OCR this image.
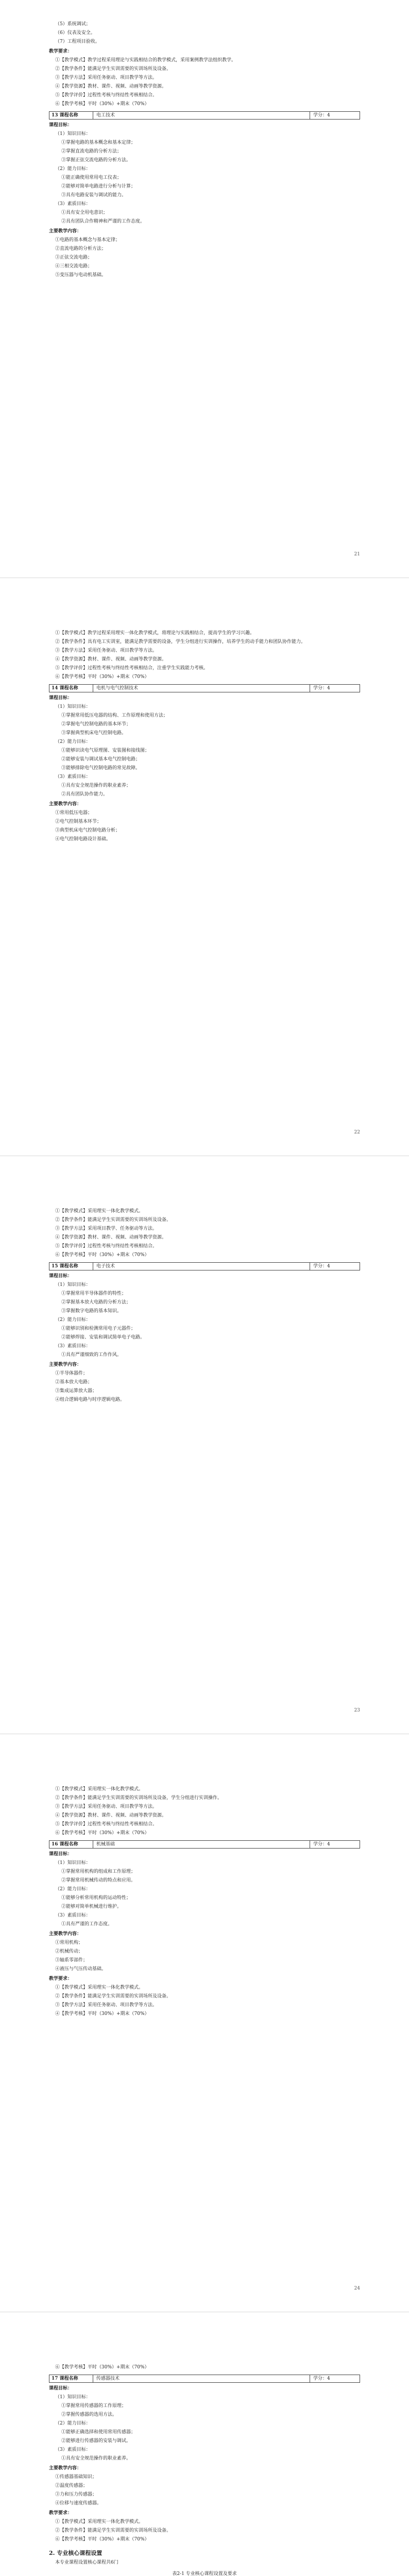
（5）系统调试；
（6）仪表及安全。
（7）工程项目验收。
教学要求：
①【教学模式】教学过程采用理论与实践相结合的教学模式，采用案例教学法组织教学。
②【教学条件】能满足学生实训需要的实训场所及设备。
③【教学方法】采用任务驱动、项目教学等方法。
④【教学资源】教材、课件、视频、动画等教学资源。
⑤【教学评价】过程性考核与终结性考核相结合。
⑥【教学考核】平时（30%）+期末（70%）
13 课程名称	电工技术	学分：4
课程目标：
（1）知识目标：
①掌握电路的基本概念和基本定律；
②掌握直流电路的分析方法；
③掌握正弦交流电路的分析方法。
（2）能力目标：
①能正确使用常用电工仪表；
②能够对简单电路进行分析与计算；
③具有电路安装与调试的能力。
（3）素质目标：
①具有安全用电意识；
②具有团队合作精神和严谨的工作态度。
主要教学内容：
①电路的基本概念与基本定律；
②直流电路的分析方法；
③正弦交流电路；
④三相交流电路；
⑤变压器与电动机基础。
21
①【教学模式】教学过程采用理实一体化教学模式，将理论与实践相结合，提高学生的学习兴趣。
②【教学条件】具有电工实训室，能满足教学需要的设备，学生分组进行实训操作，培养学生的动手能力和团队协作能力。
③【教学方法】采用任务驱动、项目教学等方法。
④【教学资源】教材、课件、视频、动画等教学资源。
⑤【教学评价】过程性考核与终结性考核相结合，注重学生实践能力考核。
⑥【教学考核】平时（30%）+期末（70%）
14 课程名称	电机与电气控制技术	学分：4
课程目标：
（1）知识目标：
①掌握常用低压电器的结构、工作原理和使用方法；
②掌握电气控制电路的基本环节；
③掌握典型机床电气控制电路。
（2）能力目标：
①能够识读电气原理图、安装图和接线图；
②能够安装与调试基本电气控制电路；
③能够排除电气控制电路的常见故障。
（3）素质目标：
①具有安全规范操作的职业素养；
②具有团队协作能力。
主要教学内容：
①常用低压电器；
②电气控制基本环节；
③典型机床电气控制电路分析；
④电气控制电路设计基础。
22
①【教学模式】采用理实一体化教学模式。
②【教学条件】能满足学生实训需要的实训场所及设备。
③【教学方法】采用项目教学、任务驱动等方法。
④【教学资源】教材、课件、视频、动画等教学资源。
⑤【教学评价】过程性考核与终结性考核相结合。
⑥【教学考核】平时（30%）+期末（70%）
15 课程名称	电子技术	学分：4
课程目标：
（1）知识目标：
①掌握常用半导体器件的特性；
②掌握基本放大电路的分析方法；
③掌握数字电路的基本知识。
（2）能力目标：
①能够识别和检测常用电子元器件；
②能够焊接、安装和调试简单电子电路。
（3）素质目标：
①具有严谨细致的工作作风。
主要教学内容：
①半导体器件；
②基本放大电路；
③集成运算放大器；
④组合逻辑电路与时序逻辑电路。
23
①【教学模式】采用理实一体化教学模式。
②【教学条件】能满足学生实训需要的实训场所及设备，学生分组进行实训操作。
③【教学方法】采用任务驱动、项目教学等方法。
④【教学资源】教材、课件、视频、动画等教学资源。
⑤【教学评价】过程性考核与终结性考核相结合。
⑥【教学考核】平时（30%）+期末（70%）
16 课程名称	机械基础	学分：4
课程目标：
（1）知识目标：
①掌握常用机构的组成和工作原理；
②掌握常用机械传动的特点和应用。
（2）能力目标：
①能够分析常用机构的运动特性；
②能够对简单机械进行维护。
（3）素质目标：
①具有严谨的工作态度。
主要教学内容：
①常用机构；
②机械传动；
③轴系零部件；
④液压与气压传动基础。
教学要求：
①【教学模式】采用理实一体化教学模式。
②【教学条件】能满足学生实训需要的实训场所及设备。
③【教学方法】采用任务驱动、项目教学等方法。
④【教学考核】平时（30%）+期末（70%）
24
⑥【教学考核】平时（30%）+期末（70%）
17 课程名称	传感器技术	学分：4
课程目标：
（1）知识目标：
①掌握常用传感器的工作原理；
②掌握传感器的选用方法。
（2）能力目标：
①能够正确选择和使用常用传感器；
②能够进行传感器的安装与调试。
（3）素质目标：
①具有安全规范操作的职业素养。
主要教学内容：
①传感器基础知识；
②温度传感器；
③力和压力传感器；
④位移与速度传感器。
教学要求：
①【教学模式】采用理实一体化教学模式。
②【教学条件】能满足学生实训需要的实训场所及设备。
⑥【教学考核】平时（30%）+期末（70%）
2. 专业核心课程设置
本专业课程设置核心课程共6门
表2-1 专业核心课程设置及要求
